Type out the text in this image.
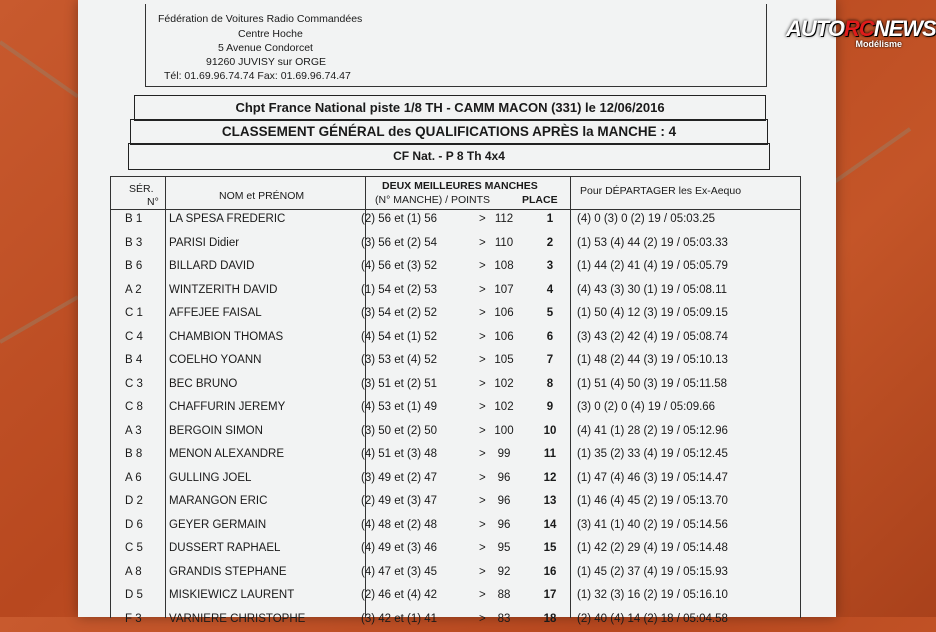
Fédération de Voitures Radio Commandées
Centre Hoche
5 Avenue Condorcet
91260 JUVISY sur ORGE
Tél: 01.69.96.74.74 Fax: 01.69.96.74.47
AUTORCNEWS
Modélisme
Chpt France National piste 1/8 TH - CAMM MACON (331) le 12/06/2016
CLASSEMENT GÉNÉRAL des QUALIFICATIONS APRÈS la MANCHE : 4
CF Nat. - P 8 Th 4x4
SÉR.
N°	NOM et PRÉNOM
DEUX MEILLEURES MANCHES
(N° MANCHE) / POINTS	PLACE
Pour DÉPARTAGER les Ex-Aequo
B 1	LA SPESA FREDERIC	(2) 56 et (1) 56	112	1	(4) 0 (3) 0 (2) 19 / 05:03.25
>
B 3	PARISI Didier	(3) 56 et (2) 54	110	2	(1) 53 (4) 44 (2) 19 / 05:03.33
>
B 6	BILLARD DAVID	(4) 56 et (3) 52	108	3	(1) 44 (2) 41 (4) 19 / 05:05.79
>
A 2	WINTZERITH DAVID	(1) 54 et (2) 53	107	4	(4) 43 (3) 30 (1) 19 / 05:08.11
>
C 1	AFFEJEE FAISAL	(3) 54 et (2) 52	106	5	(1) 50 (4) 12 (3) 19 / 05:09.15
>
C 4	CHAMBION THOMAS	(4) 54 et (1) 52	106	6	(3) 43 (2) 42 (4) 19 / 05:08.74
>
B 4	COELHO YOANN	(3) 53 et (4) 52	105	7	(1) 48 (2) 44 (3) 19 / 05:10.13
>
C 3	BEC BRUNO	(3) 51 et (2) 51	102	8	(1) 51 (4) 50 (3) 19 / 05:11.58
>
C 8	CHAFFURIN JEREMY	(4) 53 et (1) 49	102	9	(3) 0 (2) 0 (4) 19 / 05:09.66
>
A 3	BERGOIN SIMON	(3) 50 et (2) 50	100	10	(4) 41 (1) 28 (2) 19 / 05:12.96
>
B 8	MENON ALEXANDRE	(4) 51 et (3) 48	99	11	(1) 35 (2) 33 (4) 19 / 05:12.45
>
A 6	GULLING JOEL	(3) 49 et (2) 47	96	12	(1) 47 (4) 46 (3) 19 / 05:14.47
>
D 2	MARANGON ERIC	(2) 49 et (3) 47	96	13	(1) 46 (4) 45 (2) 19 / 05:13.70
>
D 6	GEYER GERMAIN	(4) 48 et (2) 48	96	14	(3) 41 (1) 40 (2) 19 / 05:14.56
>
C 5	DUSSERT RAPHAEL	(4) 49 et (3) 46	95	15	(1) 42 (2) 29 (4) 19 / 05:14.48
>
A 8	GRANDIS STEPHANE	(4) 47 et (3) 45	92	16	(1) 45 (2) 37 (4) 19 / 05:15.93
>
D 5	MISKIEWICZ LAURENT	(2) 46 et (4) 42	88	17	(1) 32 (3) 16 (2) 19 / 05:16.10
>
F 3	VARNIERE CHRISTOPHE	(3) 42 et (1) 41	83	18	(2) 40 (4) 14 (2) 18 / 05:04.58
>
